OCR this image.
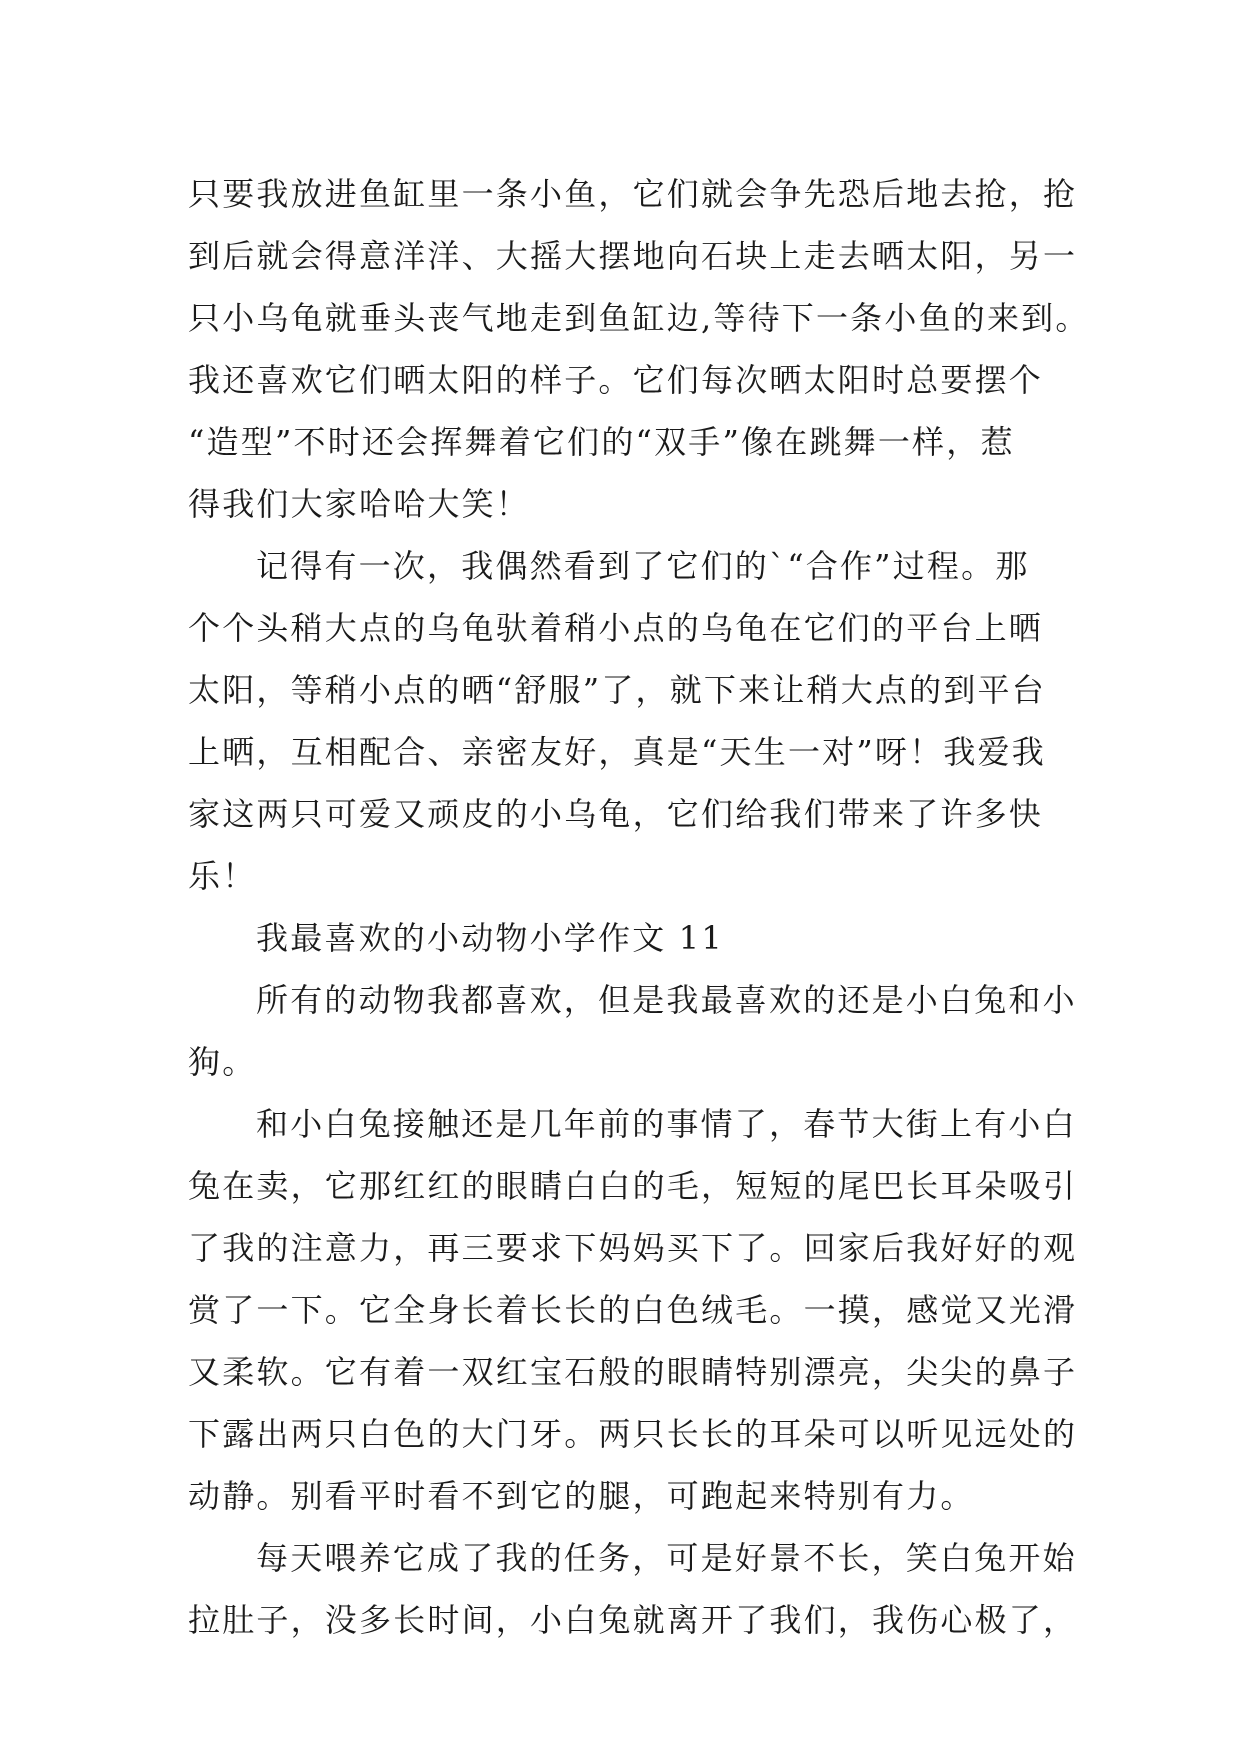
只要我放进鱼缸里一条小鱼，它们就会争先恐后地去抢，抢
到后就会得意洋洋、大摇大摆地向石块上走去晒太阳，另一
只小乌龟就垂头丧气地走到鱼缸边,等待下一条小鱼的来到。
我还喜欢它们晒太阳的样子。它们每次晒太阳时总要摆个
“造型”不时还会挥舞着它们的“双手”像在跳舞一样，惹
得我们大家哈哈大笑！
记得有一次，我偶然看到了它们的`“合作”过程。那
个个头稍大点的乌龟驮着稍小点的乌龟在它们的平台上晒
太阳，等稍小点的晒“舒服”了，就下来让稍大点的到平台
上晒，互相配合、亲密友好，真是“天生一对”呀！我爱我
家这两只可爱又顽皮的小乌龟，它们给我们带来了许多快
乐！
我最喜欢的小动物小学作文 11
所有的动物我都喜欢，但是我最喜欢的还是小白兔和小
狗。
和小白兔接触还是几年前的事情了，春节大街上有小白
兔在卖，它那红红的眼睛白白的毛，短短的尾巴长耳朵吸引
了我的注意力，再三要求下妈妈买下了。回家后我好好的观
赏了一下。它全身长着长长的白色绒毛。一摸，感觉又光滑
又柔软。它有着一双红宝石般的眼睛特别漂亮，尖尖的鼻子
下露出两只白色的大门牙。两只长长的耳朵可以听见远处的
动静。别看平时看不到它的腿，可跑起来特别有力。
每天喂养它成了我的任务，可是好景不长，笑白兔开始
拉肚子，没多长时间，小白兔就离开了我们，我伤心极了，
